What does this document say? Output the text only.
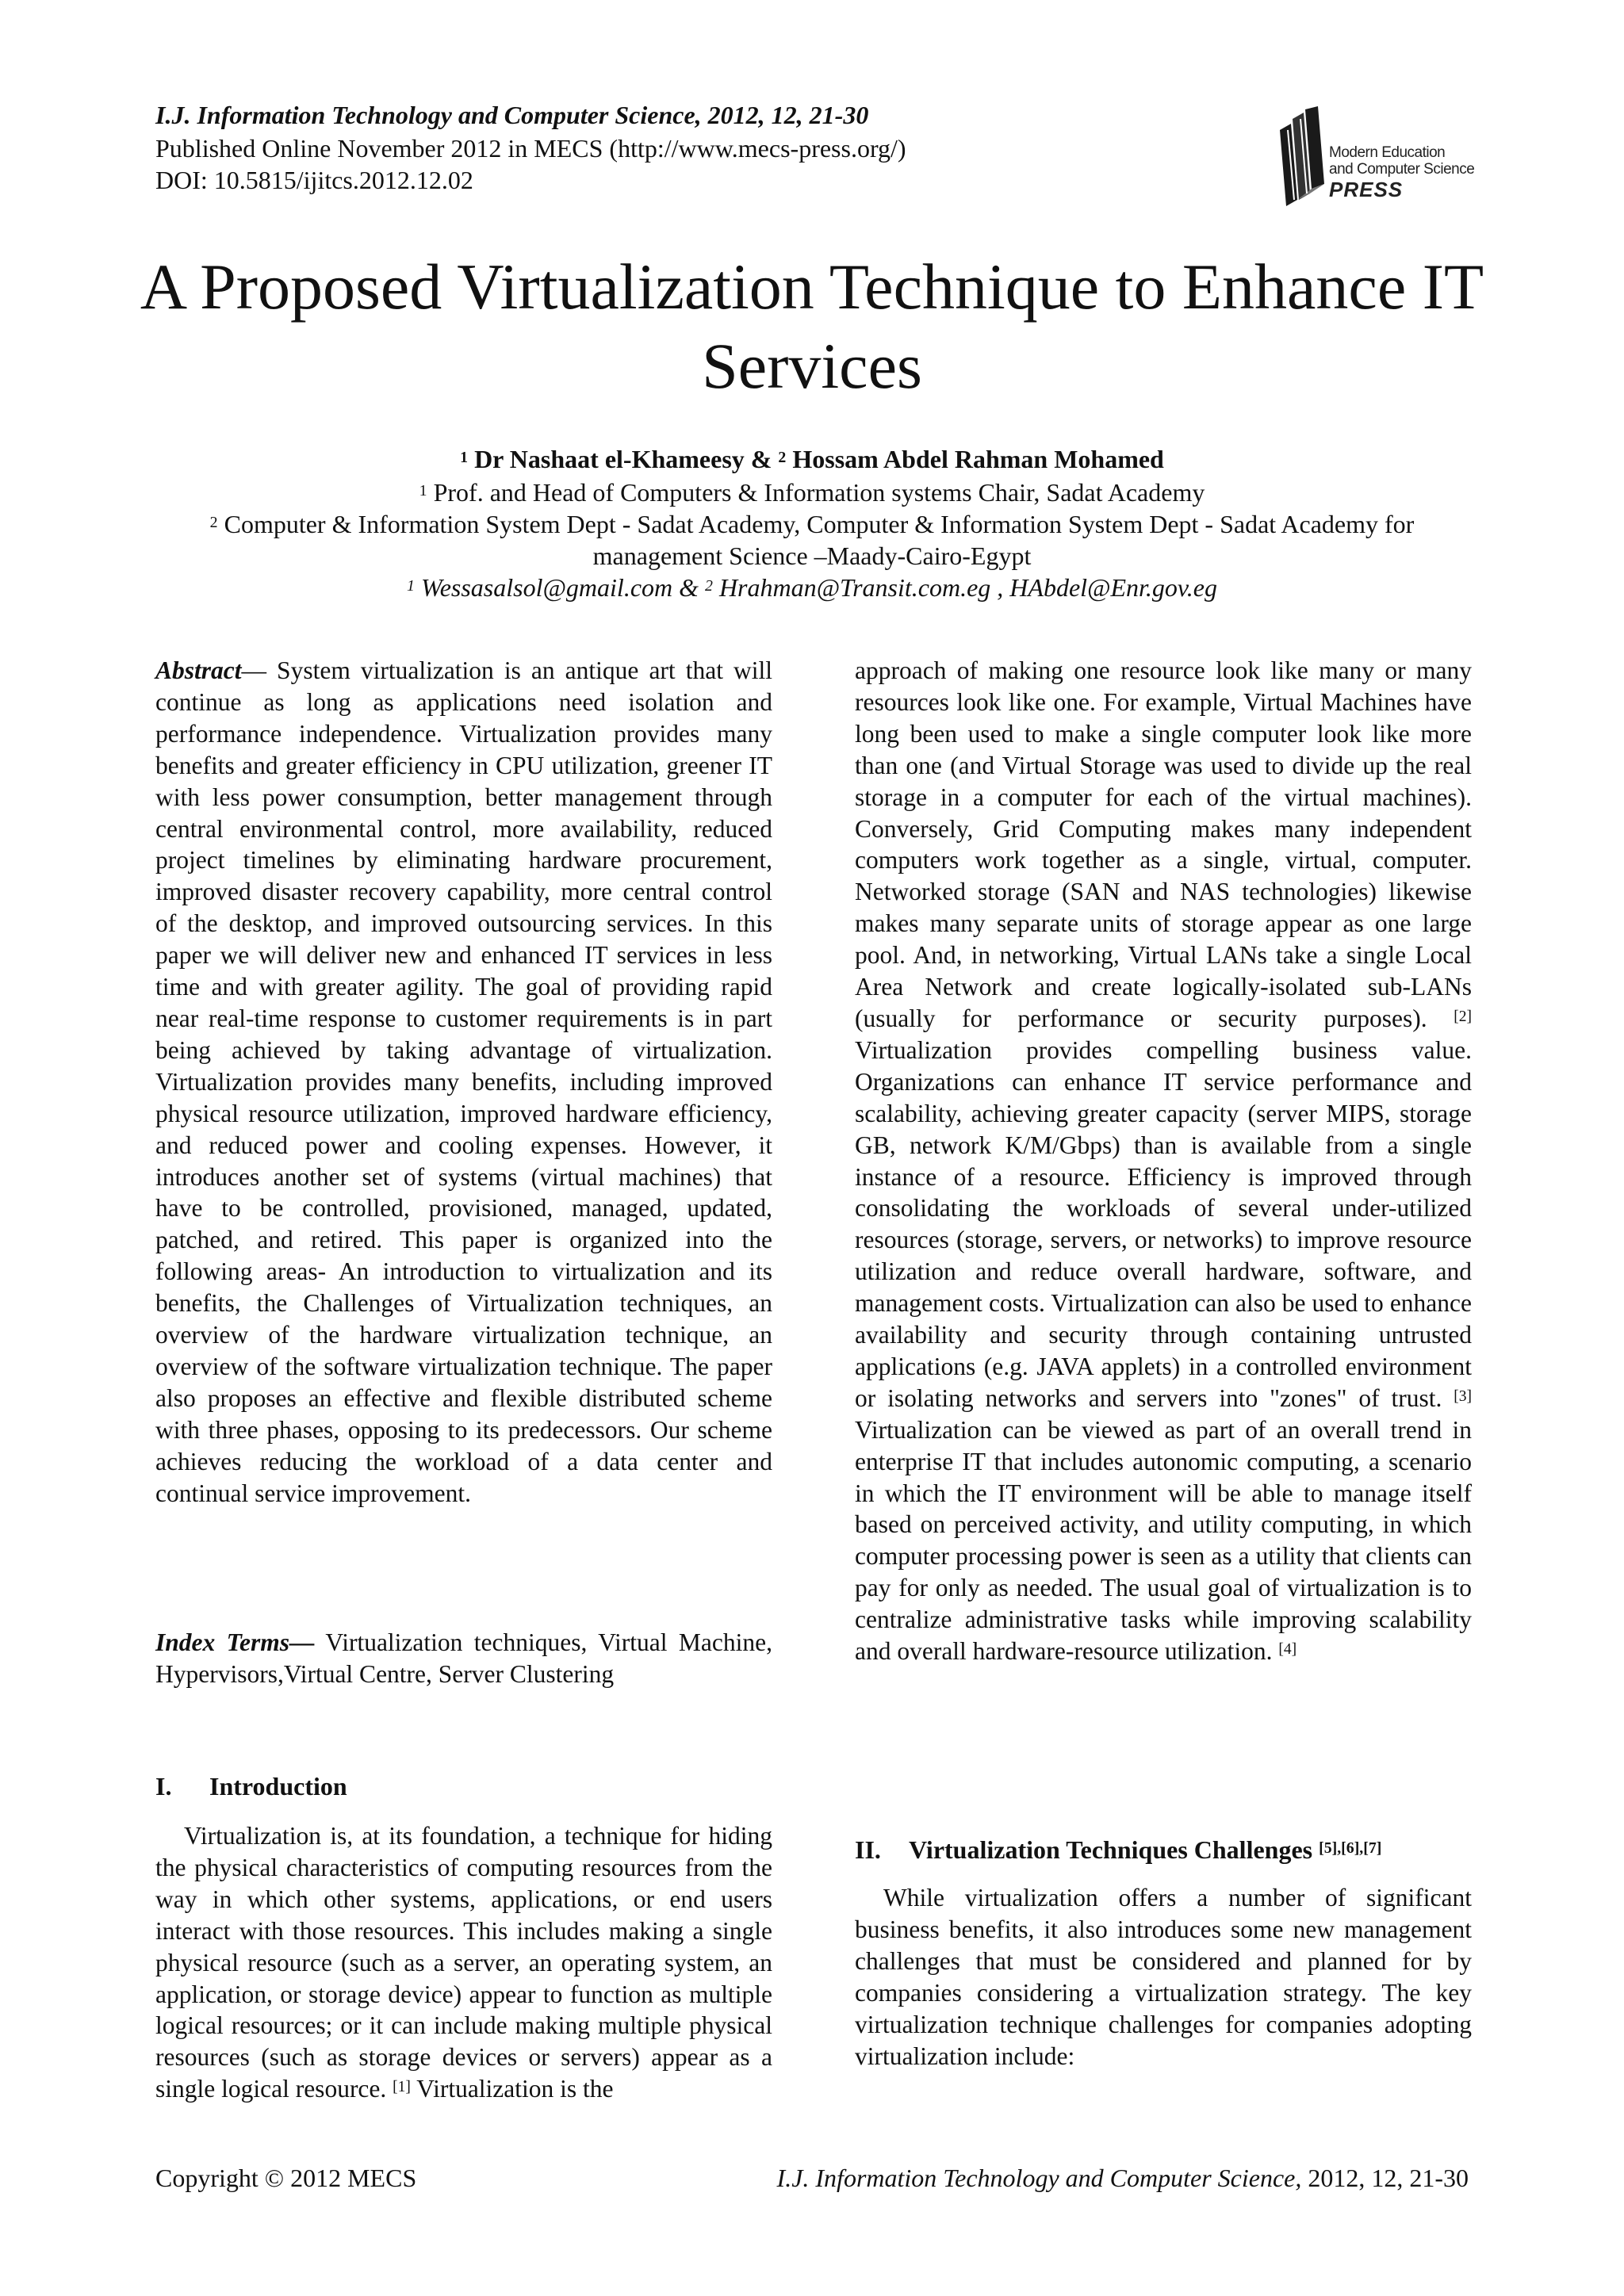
I.J. Information Technology and Computer Science, 2012, 12, 21-30
Published Online November 2012 in MECS (http://www.mecs-press.org/)
DOI: 10.5815/ijitcs.2012.12.02
Modern Education
and Computer Science
PRESS
A Proposed Virtualization Technique to Enhance IT Services
$^1$ Dr Nashaat el-Khameesy & $^2$ Hossam Abdel Rahman Mohamed
$^1$ Prof. and Head of Computers & Information systems Chair, Sadat Academy
$^2$ Computer & Information System Dept - Sadat Academy, Computer & Information System Dept - Sadat Academy for
management Science –Maady-Cairo-Egypt
$^1$ Wessasalsol@gmail.com & $^2$ Hrahman@Transit.com.eg , HAbdel@Enr.gov.eg

Abstract— System virtualization is an antique art that will continue as long as applications need isolation and performance independence. Virtualization provides many benefits and greater efficiency in CPU utilization, greener IT with less power consumption, better management through central environmental control, more availability, reduced project timelines by eliminating hardware procurement, improved disaster recovery capability, more central control of the desktop, and improved outsourcing services. In this paper we will deliver new and enhanced IT services in less time and with greater agility. The goal of providing rapid near real-time response to customer requirements is in part being achieved by taking advantage of virtualization. Virtualization provides many benefits, including improved physical resource utilization, improved hardware efficiency, and reduced power and cooling expenses. However, it introduces another set of systems (virtual machines) that have to be controlled, provisioned, managed, updated, patched, and retired. This paper is organized into the following areas- An introduction to virtualization and its benefits, the Challenges of Virtualization techniques, an overview of the hardware virtualization technique, an overview of the software virtualization technique. The paper also proposes an effective and flexible distributed scheme with three phases, opposing to its predecessors. Our scheme achieves reducing the workload of a data center and continual service improvement.

Index Terms— Virtualization techniques, Virtual Machine, Hypervisors,Virtual Centre, Server Clustering

I. Introduction

Virtualization is, at its foundation, a technique for hiding the physical characteristics of computing resources from the way in which other systems, applications, or end users interact with those resources. This includes making a single physical resource (such as a server, an operating system, an application, or storage device) appear to function as multiple logical resources; or it can include making multiple physical resources (such as storage devices or servers) appear as a single logical resource. [1] Virtualization is the

approach of making one resource look like many or many resources look like one. For example, Virtual Machines have long been used to make a single computer look like more than one (and Virtual Storage was used to divide up the real storage in a computer for each of the virtual machines). Conversely, Grid Computing makes many independent computers work together as a single, virtual, computer. Networked storage (SAN and NAS technologies) likewise makes many separate units of storage appear as one large pool. And, in networking, Virtual LANs take a single Local Area Network and create logically-isolated sub-LANs (usually for performance or security purposes). [2] Virtualization provides compelling business value. Organizations can enhance IT service performance and scalability, achieving greater capacity (server MIPS, storage GB, network K/M/Gbps) than is available from a single instance of a resource. Efficiency is improved through consolidating the workloads of several under-utilized resources (storage, servers, or networks) to improve resource utilization and reduce overall hardware, software, and management costs. Virtualization can also be used to enhance availability and security through containing untrusted applications (e.g. JAVA applets) in a controlled environment or isolating networks and servers into "zones" of trust. [3] Virtualization can be viewed as part of an overall trend in enterprise IT that includes autonomic computing, a scenario in which the IT environment will be able to manage itself based on perceived activity, and utility computing, in which computer processing power is seen as a utility that clients can pay for only as needed. The usual goal of virtualization is to centralize administrative tasks while improving scalability and overall hardware-resource utilization. [4]

II. Virtualization Techniques Challenges [5],[6],[7]

While virtualization offers a number of significant business benefits, it also introduces some new management challenges that must be considered and planned for by companies considering a virtualization strategy. The key virtualization technique challenges for companies adopting virtualization include:

Copyright © 2012 MECS	I.J. Information Technology and Computer Science, 2012, 12, 21-30
